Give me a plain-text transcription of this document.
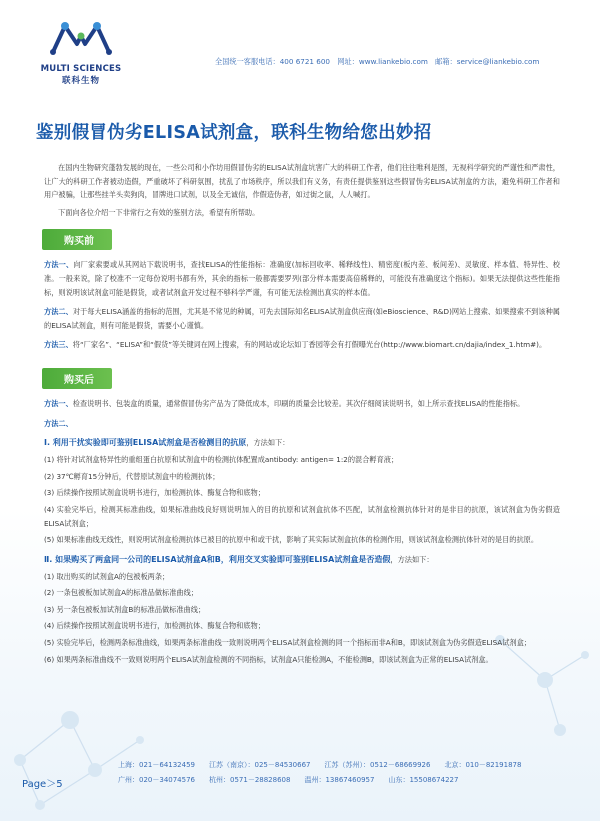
MULTI SCIENCES
联科生物
全国统一客服电话：400 6721 600 网址：www.liankebio.com 邮箱：service@liankebio.com
鉴别假冒伪劣ELISA试剂盒，联科生物给您出妙招

在国内生物研究蓬勃发展的现在，一些公司和小作坊用假冒伪劣的ELISA试剂盒坑害广大的科研工作者，他们往往唯利是图，无视科学研究的严谨性和严肃性，让广大的科研工作者被动造假，严重破坏了科研氛围，扰乱了市场秩序，所以我们有义务，有责任提供鉴别这些假冒伪劣ELISA试剂盒的方法，避免科研工作者和用户被骗，让那些挂羊头卖狗肉，冒牌进口试剂，以及全无诚信，作假造伪者，如过街之鼠，人人喊打。

下面向各位介绍一下非常行之有效的鉴别方法，希望有所帮助。

购买前

方法一、向厂家索要或从其网站下载说明书，查找ELISA的性能指标：准确度(加标回收率、稀释线性)、精密度(板内差、板间差)、灵敏度、样本值、特异性、校准。一般来说，除了校准不一定每份说明书都有外，其余的指标一般都需要罗列(部分样本需要高倍稀释的，可能没有准确度这个指标)。如果无法提供这些性能指标，则说明该试剂盒可能是假货，或者试剂盒开发过程不够科学严谨，有可能无法检测出真实的样本值。

方法二、对于每大ELISA涵盖的指标的范围，尤其是不常见的种属，可先去国际知名ELISA试剂盒供应商(如eBioscience、R&D)网站上搜索、如果搜索不到该种属的ELISA试剂盒，则有可能是假货，需要小心谨慎。

方法三、将“厂家名”、“ELISA”和“假货”等关键词在网上搜索，有的网站或论坛如丁香园等会有打假曝光台(http://www.biomart.cn/dajia/index_1.htm#)。

购买后

方法一、检查说明书、包装盒的质量，通常假冒伪劣产品为了降低成本，印刷的质量会比较差。其次仔细阅读说明书，如上所示查找ELISA的性能指标。

方法二、

Ⅰ. 利用干扰实验即可鉴别ELISA试剂盒是否检测目的抗原，方法如下：

(1) 将针对试剂盒特异性的重组蛋白抗原和试剂盒中的检测抗体配置成antibody: antigen= 1:2的混合孵育液；

(2) 37℃孵育15分钟后，代替原试剂盒中的检测抗体；

(3) 后续操作按照试剂盒说明书进行，加检测抗体、酶复合物和底物；

(4) 实验完毕后，检测其标准曲线，如果标准曲线良好则说明加入的目的抗原和试剂盒抗体不匹配，试剂盒检测抗体针对的是非目的抗原，该试剂盒为伪劣假造ELISA试剂盒；

(5) 如果标准曲线无线性，则说明试剂盒检测抗体已被目的抗原中和或干扰，影响了其实际试剂盒抗体的检测作用，则该试剂盒检测抗体针对的是目的抗原。

Ⅱ. 如果购买了两盒同一公司的ELISA试剂盒A和B，利用交叉实验即可鉴别ELISA试剂盒是否造假，方法如下：

(1) 取出购买的试剂盒A的包被板两条；

(2) 一条包被板加试剂盒A的标准品做标准曲线；

(3) 另一条包被板加试剂盒B的标准品做标准曲线；

(4) 后续操作按照试剂盒说明书进行，加检测抗体、酶复合物和底物；

(5) 实验完毕后，检测两条标准曲线，如果两条标准曲线一致则说明两个ELISA试剂盒检测的同一个指标而非A和B，即该试剂盒为伪劣假造ELISA试剂盒；

(6) 如果两条标准曲线不一致则说明两个ELISA试剂盒检测的不同指标，试剂盒A只能检测A，不能检测B，即该试剂盒为正常的ELISA试剂盒。

Page＞5
上海：021－64132459 江苏（南京）：025－84530667 江苏（苏州）：0512－68669926 北京：010－82191878
广州：020－34074576 杭州：0571－28828608 温州：13867460957 山东：15508674227
